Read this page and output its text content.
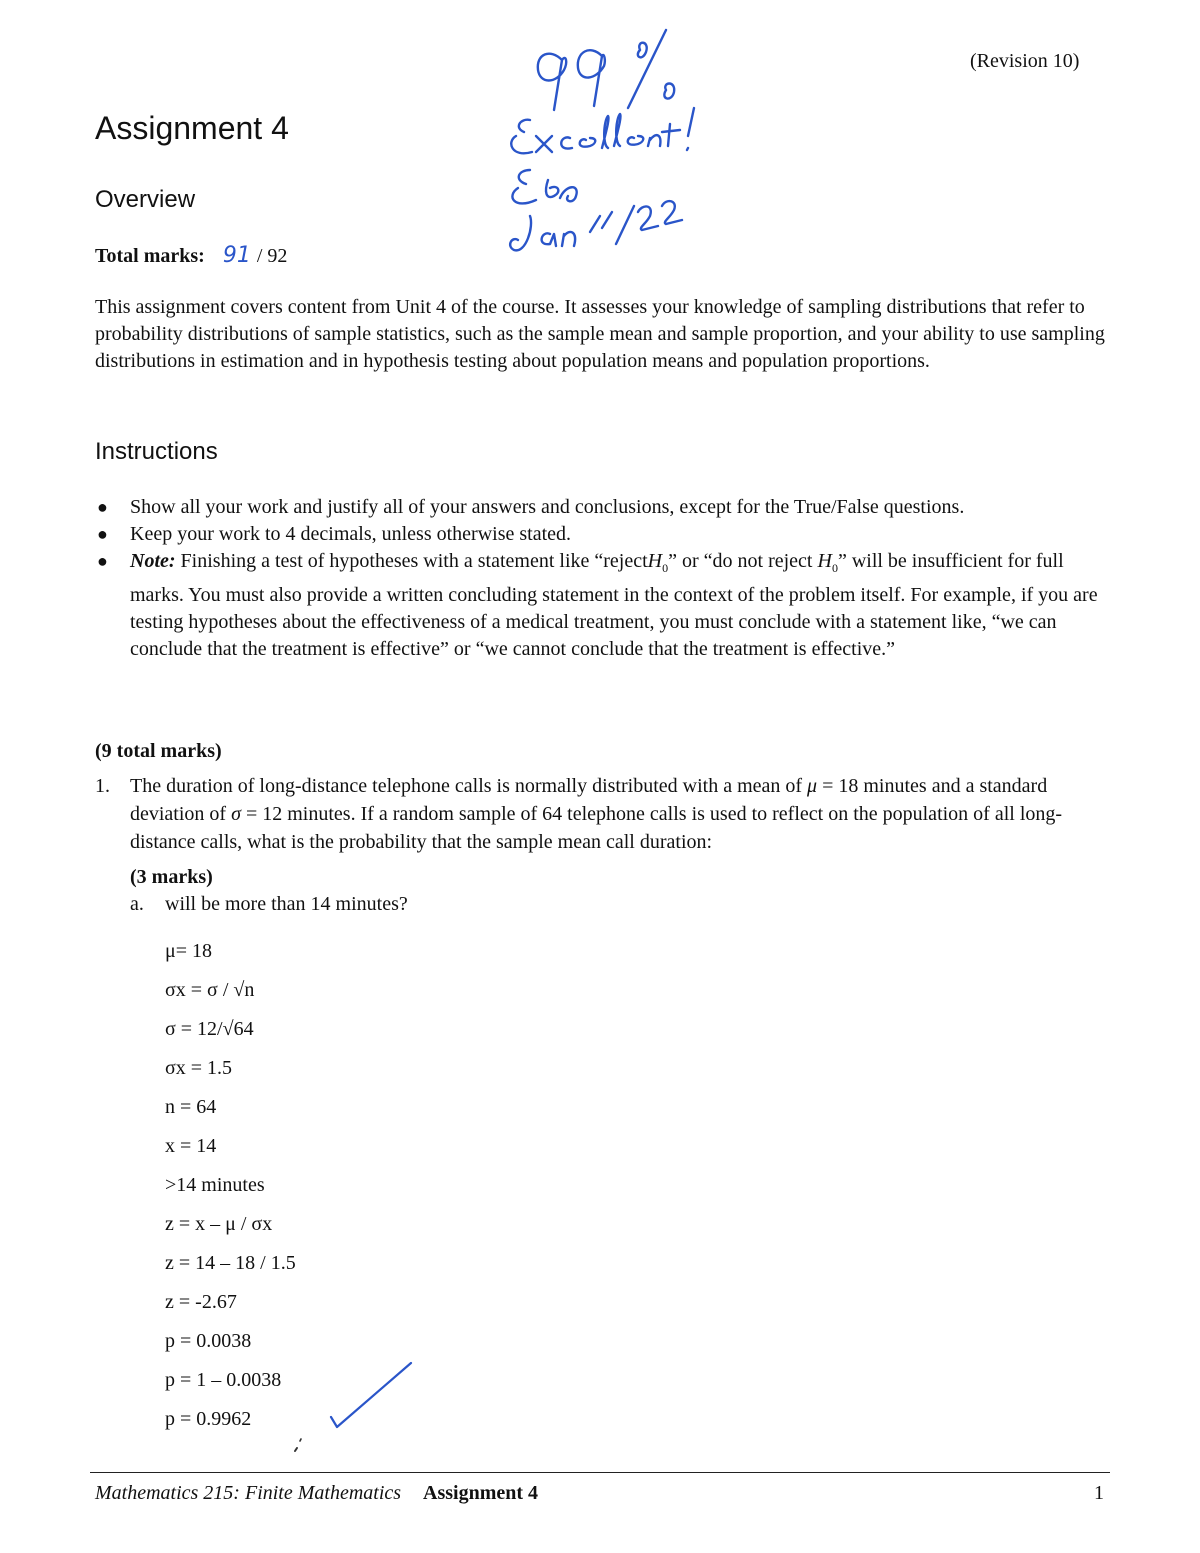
(Revision 10)
Assignment 4
Overview
Total marks: 91 / 92

This assignment covers content from Unit 4 of the course. It assesses your knowledge of sampling distributions that refer to probability distributions of sample statistics, such as the sample mean and sample proportion, and your ability to use sampling distributions in estimation and in hypothesis testing about population means and population proportions.

Instructions
● Show all your work and justify all of your answers and conclusions, except for the True/False questions.
● Keep your work to 4 decimals, unless otherwise stated.
● Note: Finishing a test of hypotheses with a statement like “rejectH$_0$” or “do not reject $H_0$” will be insufficient for full marks. You must also provide a written concluding statement in the context of the problem itself. For example, if you are testing hypotheses about the effectiveness of a medical treatment, you must conclude with a statement like, “we can conclude that the treatment is effective” or “we cannot conclude that the treatment is effective.”
(9 total marks)
1.	The duration of long-distance telephone calls is normally distributed with a mean of μ = 18 minutes and a standard deviation of σ = 12 minutes. If a random sample of 64 telephone calls is used to reflect on the population of all long-distance calls, what is the probability that the sample mean call duration:
(3 marks)
a. will be more than 14 minutes?
μ= 18
σx = σ / √n
σ = 12/√64
σx = 1.5
n = 64
x = 14
>14 minutes
z = x – μ / σx
z = 14 – 18 / 1.5
z = -2.67
p = 0.0038
p = 1 – 0.0038
p = 0.9962
Mathematics 215: Finite Mathematics Assignment 4	1
